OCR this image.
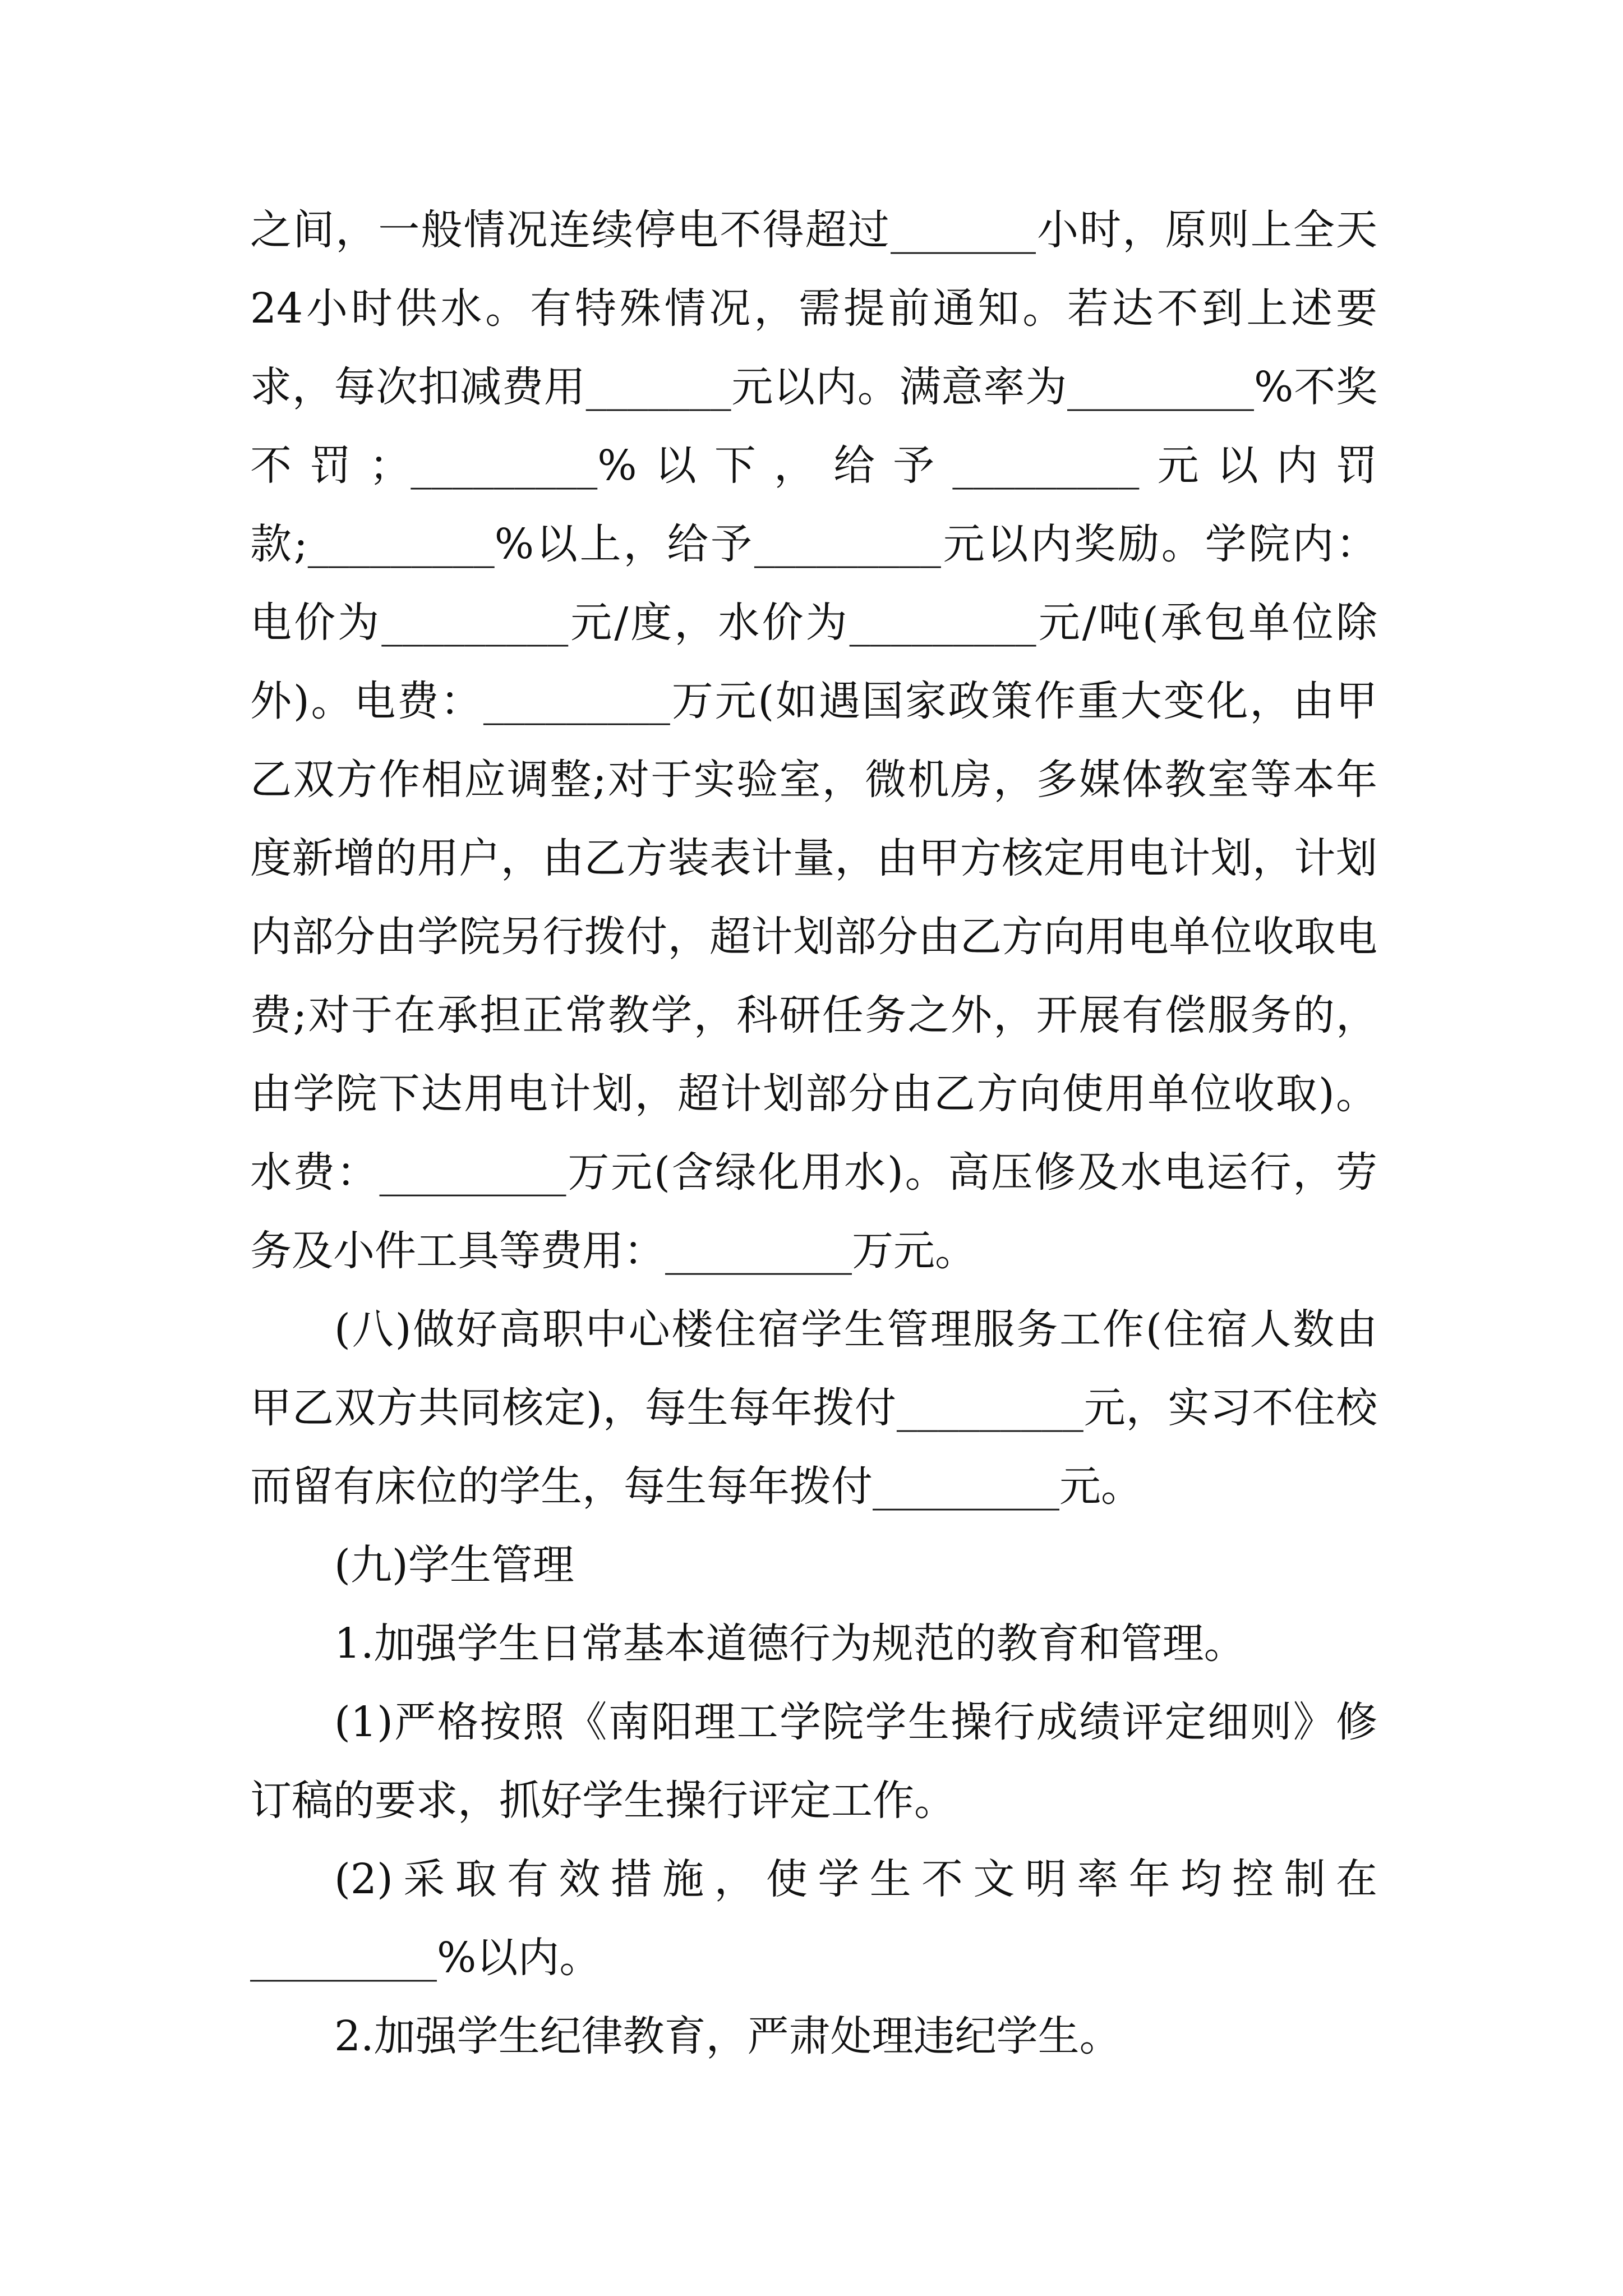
之间，一般情况连续停电不得超过_______小时，原则上全天24小时供水。有特殊情况，需提前通知。若达不到上述要求，每次扣减费用_______元以内。满意率为_________%不奖不罚；_________%以下，给予_________元以内罚款;_________%以上，给予_________元以内奖励。学院内：电价为_________元/度，水价为_________元/吨(承包单位除外)。电费：_________万元(如遇国家政策作重大变化，由甲乙双方作相应调整;对于实验室，微机房，多媒体教室等本年度新增的用户，由乙方装表计量，由甲方核定用电计划，计划内部分由学院另行拨付，超计划部分由乙方向用电单位收取电费;对于在承担正常教学，科研任务之外，开展有偿服务的，由学院下达用电计划，超计划部分由乙方向使用单位收取)。水费：_________万元(含绿化用水)。高压修及水电运行，劳务及小件工具等费用：_________万元。

(八)做好高职中心楼住宿学生管理服务工作(住宿人数由甲乙双方共同核定)，每生每年拨付_________元，实习不住校而留有床位的学生，每生每年拨付_________元。

(九)学生管理

1.加强学生日常基本道德行为规范的教育和管理。

(1)严格按照《南阳理工学院学生操行成绩评定细则》修订稿的要求，抓好学生操行评定工作。

(2)采取有效措施，使学生不文明率年均控制在_________%以内。

2.加强学生纪律教育，严肃处理违纪学生。
